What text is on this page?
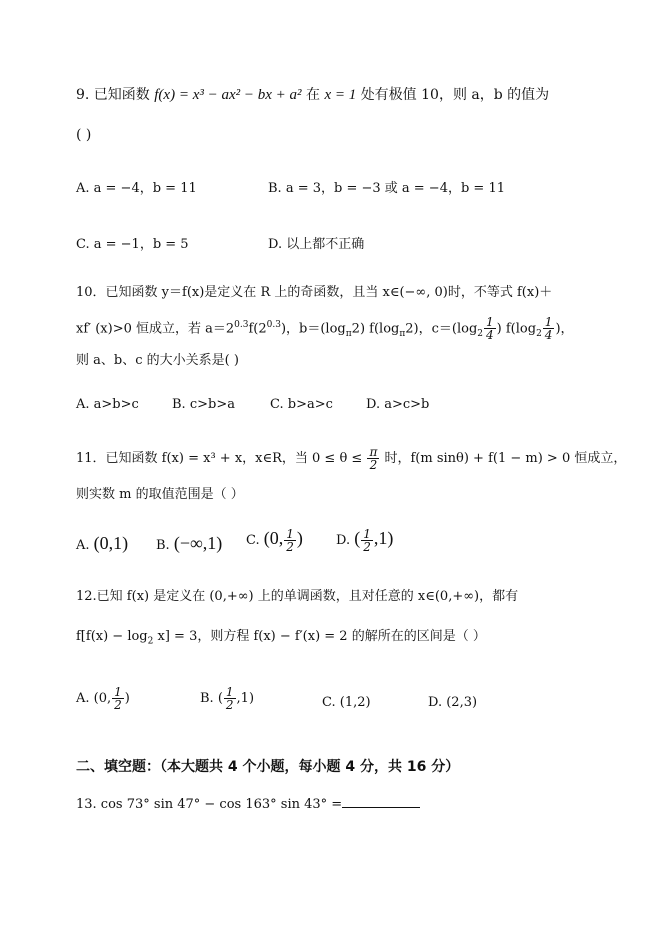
9. 已知函数 f(x) = x³ − ax² − bx + a² 在 x = 1 处有极值 10，则 a，b 的值为
( )
A. a = −4，b = 11	B. a = 3，b = −3 或 a = −4，b = 11
C. a = −1，b = 5	D. 以上都不正确
10．已知函数 y＝f(x)是定义在 R 上的奇函数，且当 x∈(−∞, 0)时，不等式 f(x)＋
xf′ (x)>0 恒成立，若 $a=2^{0.3}f(2^{0.3})$，$b=(\log_\pi 2)$ $f(\log_\pi 2)$，$c=(\log_2 \frac{1}{4}$ ) $f(\log_2 \frac{1}{4}$ )，
则 a、b、c 的大小关系是( )
A. a>b>c	B. c>b>a	C. b>a>c	D. a>c>b
11．已知函数 f(x) = x³ + x，x∈R，当 $0 \le \theta \le \frac{\pi}{2}$ 时，f(m sinθ) + f(1 − m) > 0 恒成立，
则实数 m 的取值范围是（ ）
A. (0,1) B. (−∞,1) C. (0, $\frac{1}{2}$ )	D. ( $\frac{1}{2} ,1$)
12.已知 f(x) 是定义在 (0,+∞) 上的单调函数，且对任意的 x∈(0,+∞)，都有
$f[f(x) - \log_2 x] = 3$，则方程 f(x) − f′(x) = 2 的解所在的区间是（ ）
A. (0, $\frac{1}{2}$ )	B. ( $\frac{1}{2} ,1$)	C. (1,2)	D. (2,3)
二、填空题：（本大题共 4 个小题，每小题 4 分，共 16 分）
13. cos 73° sin 47° − cos 163° sin 43° =
